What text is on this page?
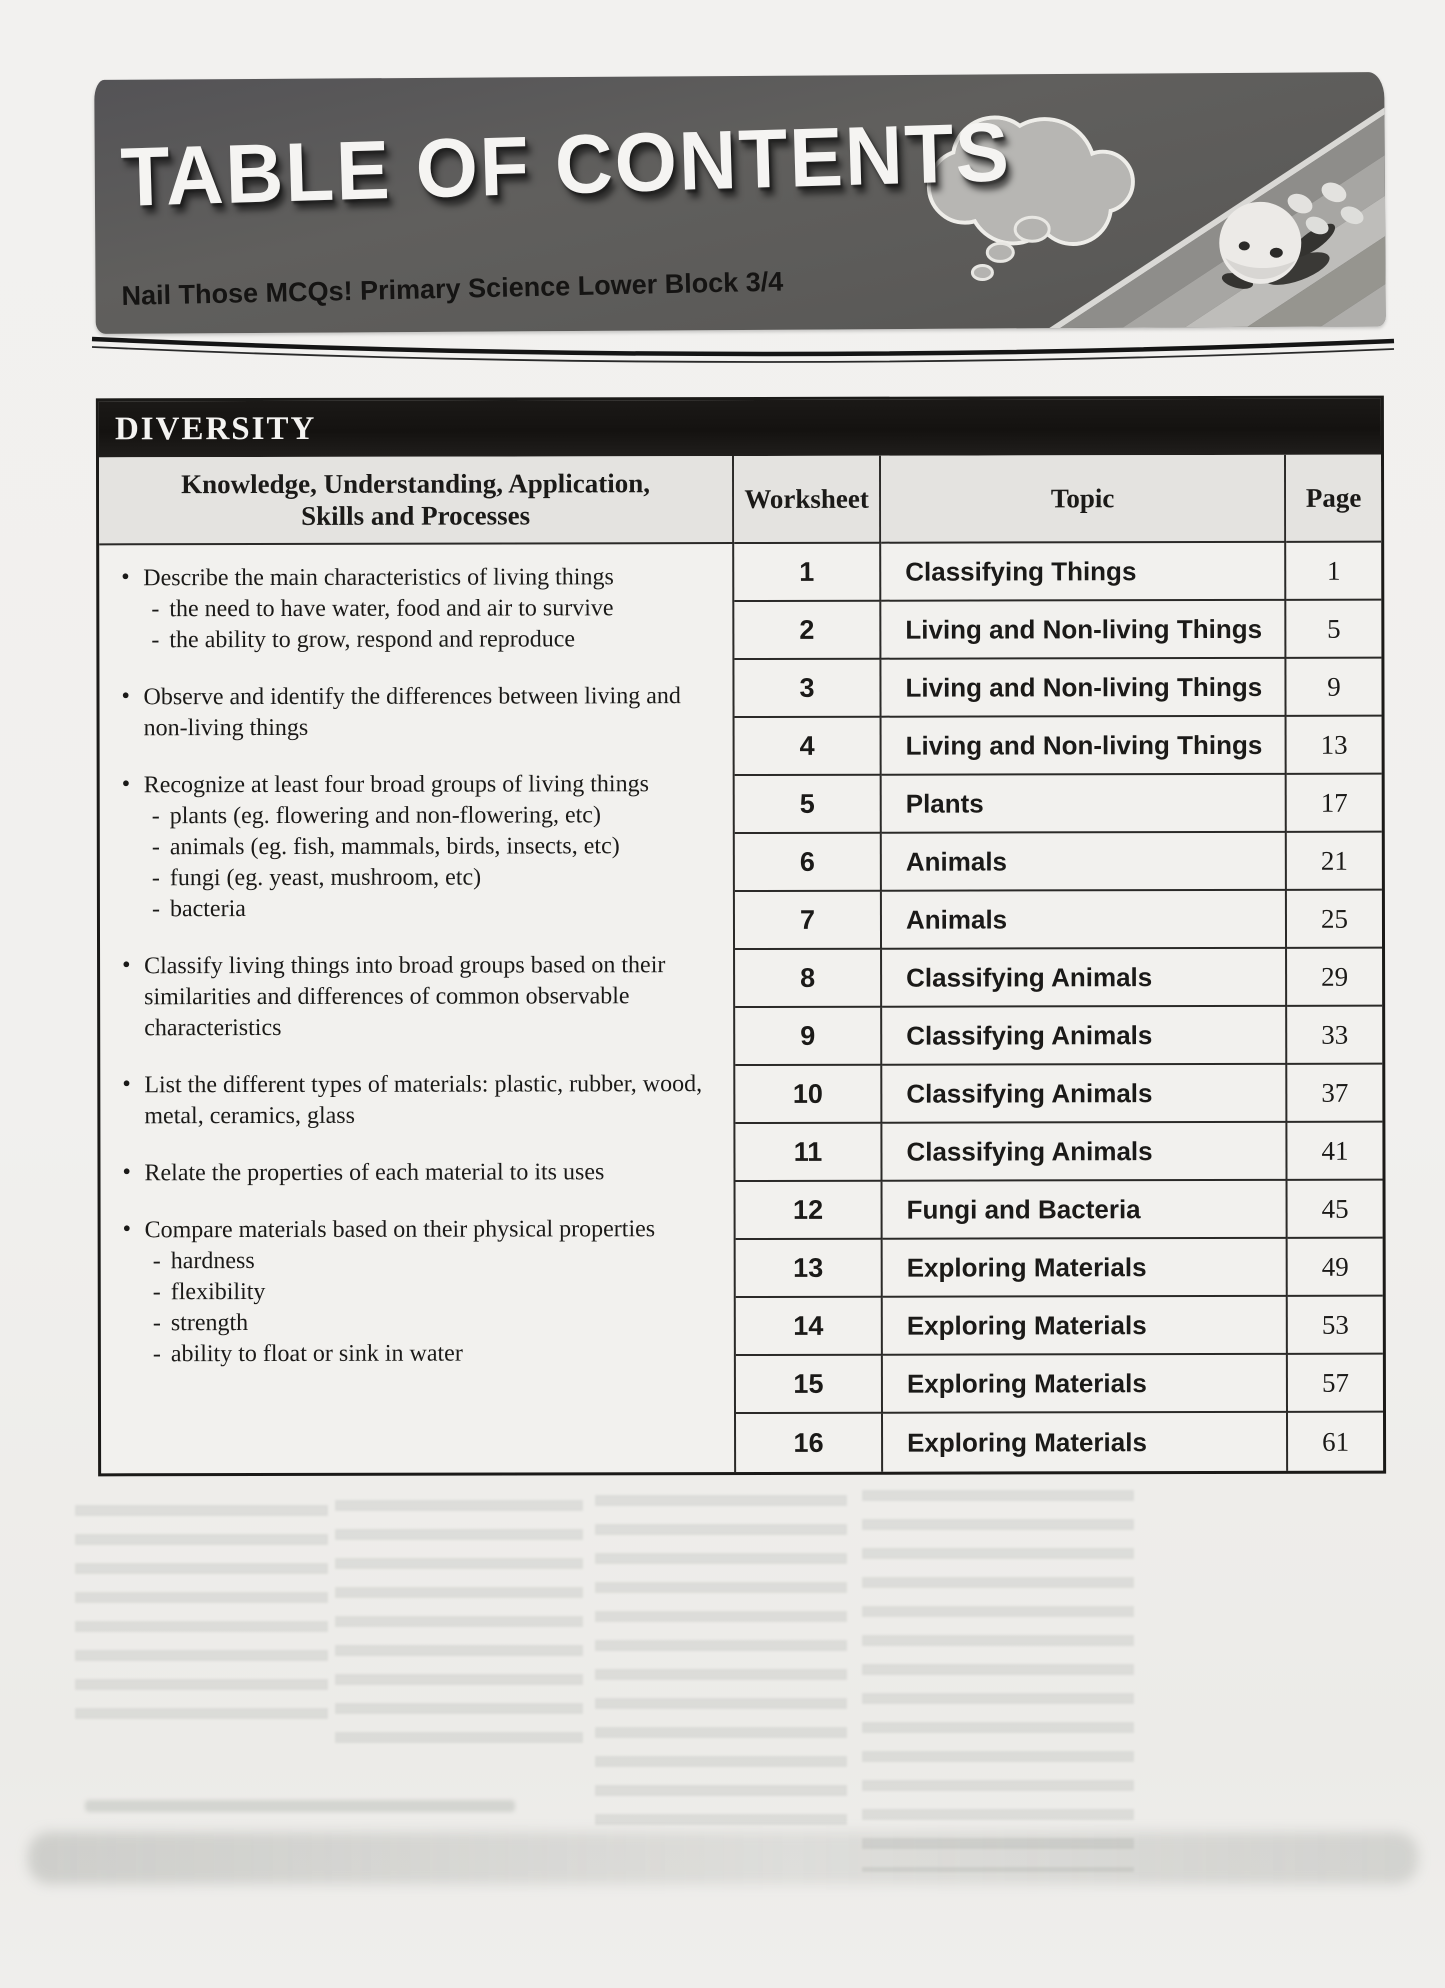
TABLE OF CONTENTS
Nail Those MCQs! Primary Science Lower Block 3/4
DIVERSITY
Knowledge, Understanding, Application,
Skills and Processes
Worksheet	Topic	Page
• Describe the main characteristics of living things
- the need to have water, food and air to survive
- the ability to grow, respond and reproduce
• Observe and identify the differences between living and non-living things
• Recognize at least four broad groups of living things
- plants (eg. flowering and non-flowering, etc)
- animals (eg. fish, mammals, birds, insects, etc)
- fungi (eg. yeast, mushroom, etc)
- bacteria
• Classify living things into broad groups based on their similarities and differences of common observable characteristics
• List the different types of materials: plastic, rubber, wood, metal, ceramics, glass
• Relate the properties of each material to its uses
• Compare materials based on their physical properties
- hardness
- flexibility
- strength
- ability to float or sink in water
1	Classifying Things	1
2	Living and Non-living Things	5
3	Living and Non-living Things	9
4	Living and Non-living Things	13
5	Plants	17
6	Animals	21
7	Animals	25
8	Classifying Animals	29
9	Classifying Animals	33
10	Classifying Animals	37
11	Classifying Animals	41
12	Fungi and Bacteria	45
13	Exploring Materials	49
14	Exploring Materials	53
15	Exploring Materials	57
16	Exploring Materials	61
